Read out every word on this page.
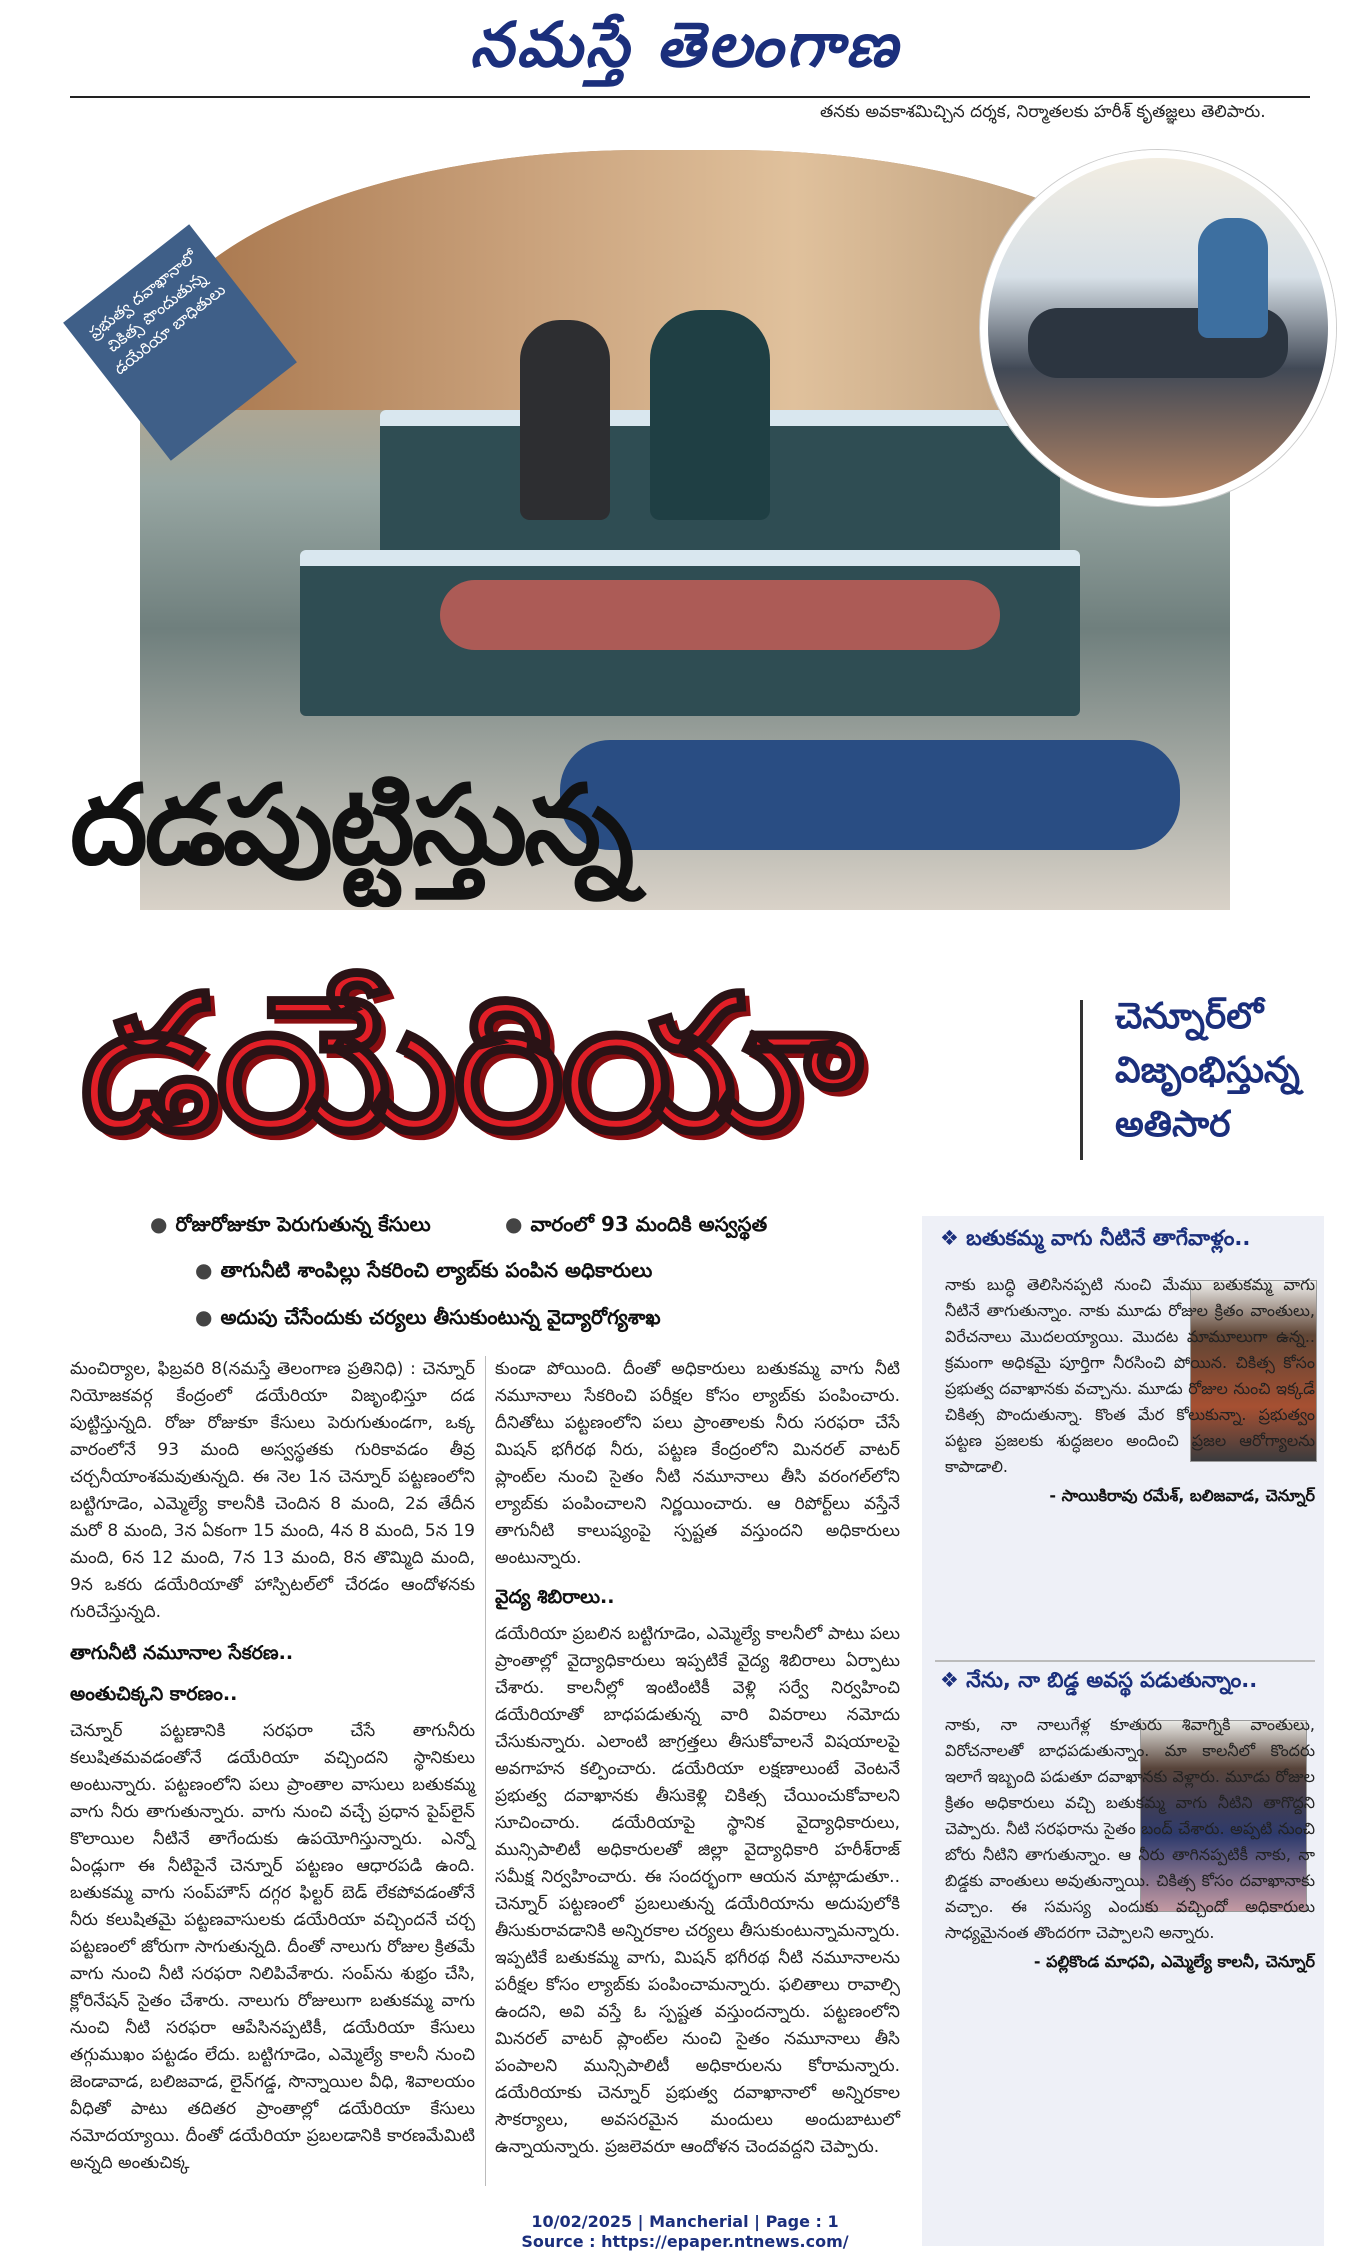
నమస్తే తెలంగాణ
తనకు అవకాశమిచ్చిన దర్శక, నిర్మాతలకు హరీశ్ కృతజ్ఞలు తెలిపారు.
ప్రభుత్వ దవాఖానాలో చికిత్స పొందుతున్న డయేరియా బాధితులు
దడపుట్టిస్తున్న
డయేరియా	చెన్నూర్‌లో
విజృంభిస్తున్న
అతిసార
● రోజురోజుకూ పెరుగుతున్న కేసులు	● వారంలో 93 మందికి అస్వస్థత
● తాగునీటి శాంపిల్లు సేకరించి ల్యాబ్‌కు పంపిన అధికారులు
● అదుపు చేసేందుకు చర్యలు తీసుకుంటున్న వైద్యారోగ్యశాఖ
మంచిర్యాల, ఫిబ్రవరి 8(నమస్తే తెలంగాణ ప్రతినిధి) : చెన్నూర్ నియోజకవర్గ కేంద్రంలో డయేరియా విజృంభిస్తూ దడ పుట్టిస్తున్నది. రోజు రోజుకూ కేసులు పెరుగుతుండగా, ఒక్క వారంలోనే 93 మంది అస్వస్థతకు గురికావడం తీవ్ర చర్చనీయాంశమవుతున్నది. ఈ నెల 1న చెన్నూర్ పట్టణంలోని బట్టిగూడెం, ఎమ్మెల్యే కాలనీకి చెందిన 8 మంది, 2వ తేదీన మరో 8 మంది, 3న ఏకంగా 15 మంది, 4న 8 మంది, 5న 19 మంది, 6న 12 మంది, 7న 13 మంది, 8న తొమ్మిది మంది, 9న ఒకరు డయేరియాతో హాస్పిటల్‌లో చేరడం ఆందోళనకు గురిచేస్తున్నది.
తాగునీటి నమూనాల సేకరణ..
అంతుచిక్కని కారణం..
చెన్నూర్ పట్టణానికి సరఫరా చేసే తాగునీరు కలుషితమవడంతోనే డయేరియా వచ్చిందని స్థానికులు అంటున్నారు. పట్టణంలోని పలు ప్రాంతాల వాసులు బతుకమ్మ వాగు నీరు తాగుతున్నారు. వాగు నుంచి వచ్చే ప్రధాన పైప్‌లైన్ కొలాయిల నీటినే తాగేందుకు ఉపయోగిస్తున్నారు. ఎన్నో ఏండ్లుగా ఈ నీటిపైనే చెన్నూర్ పట్టణం ఆధారపడి ఉంది. బతుకమ్మ వాగు సంప్‌హౌస్ దగ్గర ఫిల్టర్ బెడ్ లేకపోవడంతోనే నీరు కలుషితమై పట్టణవాసులకు డయేరియా వచ్చిందనే చర్చ పట్టణంలో జోరుగా సాగుతున్నది. దీంతో నాలుగు రోజుల క్రితమే వాగు నుంచి నీటి సరఫరా నిలిపివేశారు. సంప్‌ను శుభ్రం చేసి, క్లోరినేషన్ సైతం చేశారు. నాలుగు రోజులుగా బతుకమ్మ వాగు నుంచి నీటి సరఫరా ఆపేసినప్పటికీ, డయేరియా కేసులు తగ్గుముఖం పట్టడం లేదు. బట్టిగూడెం, ఎమ్మెల్యే కాలనీ నుంచి జెండావాడ, బలిజవాడ, లైన్‌గడ్డ, సొన్నాయిల వీధి, శివాలయం వీధితో పాటు తదితర ప్రాంతాల్లో డయేరియా కేసులు నమోదయ్యాయి. దీంతో డయేరియా ప్రబలడానికి కారణమేమిటి అన్నది అంతుచిక్క
కుండా పోయింది. దీంతో అధికారులు బతుకమ్మ వాగు నీటి నమూనాలు సేకరించి పరీక్షల కోసం ల్యాబ్‌కు పంపించారు. దీనితోటు పట్టణంలోని పలు ప్రాంతాలకు నీరు సరఫరా చేసే మిషన్ భగీరథ నీరు, పట్టణ కేంద్రంలోని మినరల్ వాటర్ ప్లాంట్‌ల నుంచి సైతం నీటి నమూనాలు తీసి వరంగల్‌లోని ల్యాబ్‌కు పంపించాలని నిర్ణయించారు. ఆ రిపోర్ట్‌లు వస్తేనే తాగునీటి కాలుష్యంపై స్పష్టత వస్తుందని అధికారులు అంటున్నారు.
వైద్య శిబిరాలు..
డయేరియా ప్రబలిన బట్టిగూడెం, ఎమ్మెల్యే కాలనీలో పాటు పలు ప్రాంతాల్లో వైద్యాధికారులు ఇప్పటికే వైద్య శిబిరాలు ఏర్పాటు చేశారు. కాలనీల్లో ఇంటింటికీ వెళ్లి సర్వే నిర్వహించి డయేరియాతో బాధపడుతున్న వారి వివరాలు నమోదు చేసుకున్నారు. ఎలాంటి జాగ్రత్తలు తీసుకోవాలనే విషయాలపై అవగాహన కల్పించారు. డయేరియా లక్షణాలుంటే వెంటనే ప్రభుత్వ దవాఖానకు తీసుకెళ్లి చికిత్స చేయించుకోవాలని సూచించారు. డయేరియాపై స్థానిక వైద్యాధికారులు, మున్సిపాలిటీ అధికారులతో జిల్లా వైద్యాధికారి హరీశ్‌రాజ్ సమీక్ష నిర్వహించారు. ఈ సందర్భంగా ఆయన మాట్లాడుతూ.. చెన్నూర్ పట్టణంలో ప్రబలుతున్న డయేరియాను అదుపులోకి తీసుకురావడానికి అన్నిరకాల చర్యలు తీసుకుంటున్నామన్నారు. ఇప్పటికే బతుకమ్మ వాగు, మిషన్ భగీరథ నీటి నమూనాలను పరీక్షల కోసం ల్యాబ్‌కు పంపించామన్నారు. ఫలితాలు రావాల్సి ఉందని, అవి వస్తే ఓ స్పష్టత వస్తుందన్నారు. పట్టణంలోని మినరల్ వాటర్ ప్లాంట్‌ల నుంచి సైతం నమూనాలు తీసి పంపాలని మున్సిపాలిటీ అధికారులను కోరామన్నారు. డయేరియాకు చెన్నూర్ ప్రభుత్వ దవాఖానాలో అన్నిరకాల సౌకర్యాలు, అవసరమైన మందులు అందుబాటులో ఉన్నాయన్నారు. ప్రజలెవరూ ఆందోళన చెందవద్దని చెప్పారు.
❖ బతుకమ్మ వాగు నీటినే తాగేవాళ్లం..
నాకు బుద్ధి తెలిసినప్పటి నుంచి మేము బతుకమ్మ వాగు నీటినే తాగుతున్నాం. నాకు మూడు రోజుల క్రితం వాంతులు, విరేచనాలు మొదలయ్యాయి. మొదట మామూలుగా ఉన్న.. క్రమంగా అధికమై పూర్తిగా నీరసించి పోయిన. చికిత్స కోసం ప్రభుత్వ దవాఖానకు వచ్చాను. మూడు రోజుల నుంచి ఇక్కడే చికిత్స పొందుతున్నా. కొంత మేర కోలుకున్నా. ప్రభుత్వం పట్టణ ప్రజలకు శుద్ధజలం అందించి ప్రజల ఆరోగ్యాలను కాపాడాలి.
- సాయికిరావు రమేశ్, బలిజవాడ, చెన్నూర్
❖ నేను, నా బిడ్డ అవస్థ పడుతున్నాం..
నాకు, నా నాలుగేళ్ల కూతురు శివాగ్నికి వాంతులు, విరోచనాలతో బాధపడుతున్నాం. మా కాలనీలో కొందరు ఇలాగే ఇబ్బంది పడుతూ దవాఖానకు వెళ్లారు. మూడు రోజుల క్రితం అధికారులు వచ్చి బతుకమ్మ వాగు నీటిని తాగొద్దని చెప్పారు. నీటి సరఫరాను సైతం బంద్ చేశారు. అప్పటి నుంచి బోరు నీటిని తాగుతున్నాం. ఆ నీరు తాగినప్పటికీ నాకు, నా బిడ్డకు వాంతులు అవుతున్నాయి. చికిత్స కోసం దవాఖానాకు వచ్చాం. ఈ సమస్య ఎందుకు వచ్చిందో అధికారులు సాధ్యమైనంత తొందరగా చెప్పాలని అన్నారు.
- పల్లికొండ మాధవి, ఎమ్మెల్యే కాలనీ, చెన్నూర్
10/02/2025 | Mancherial | Page : 1
Source : https://epaper.ntnews.com/
